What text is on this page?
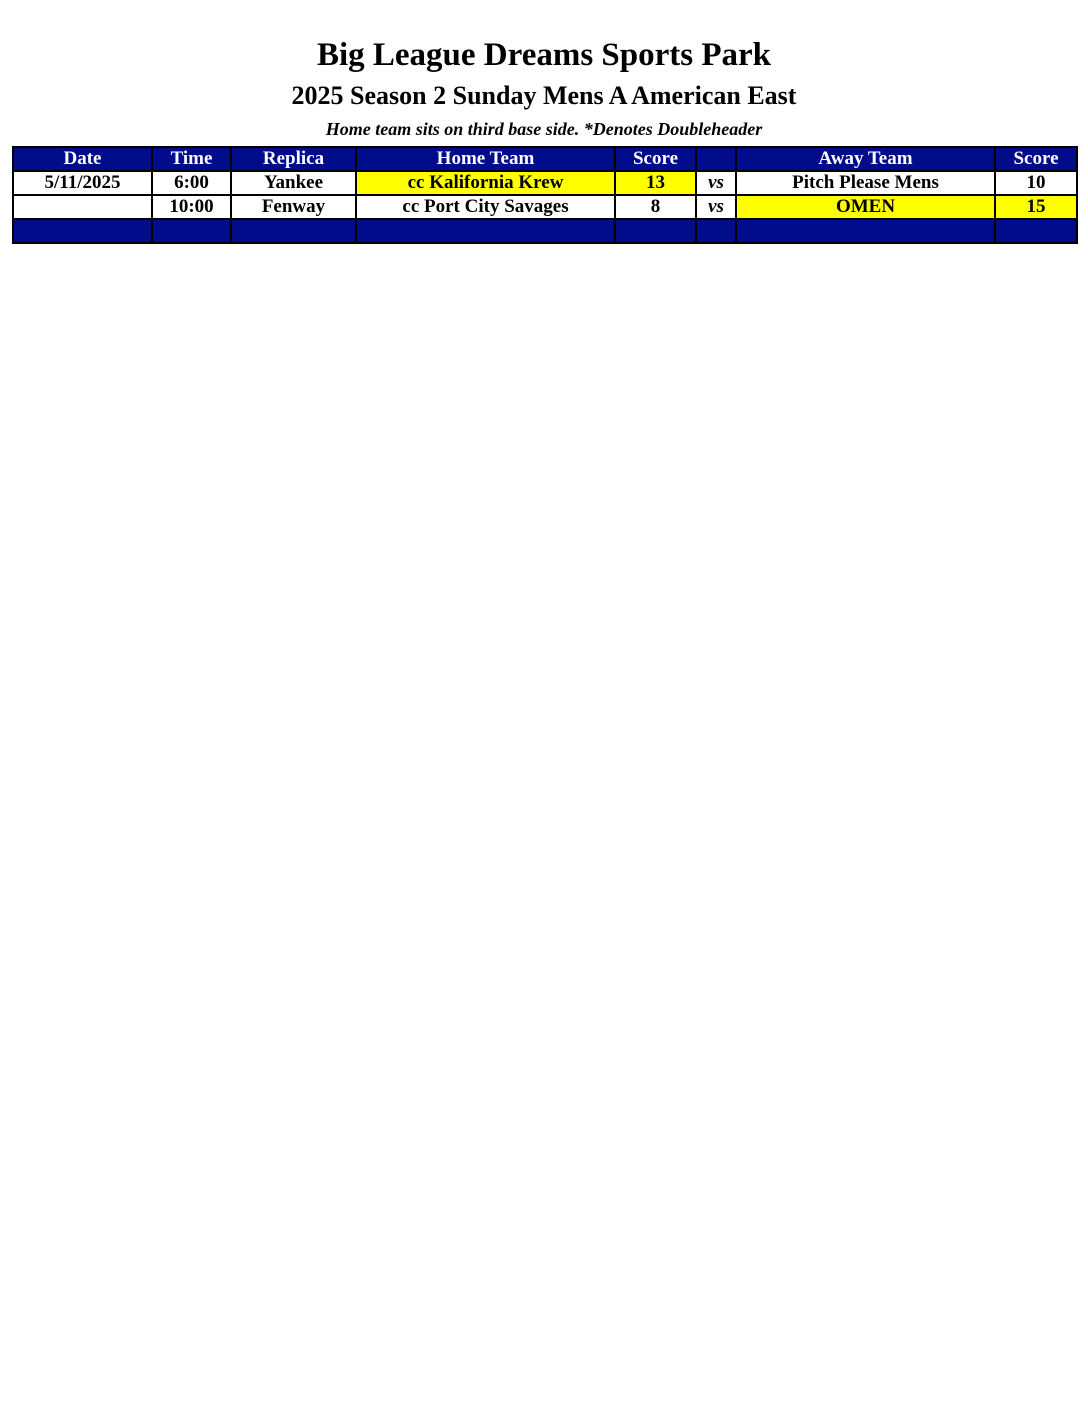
Big League Dreams Sports Park
2025 Season 2 Sunday Mens A American East
Home team sits on third base side. *Denotes Doubleheader
Date	Time	Replica	Home Team	Score		Away Team	Score
5/11/2025	6:00	Yankee	cc Kalifornia Krew	13	vs	Pitch Please Mens	10
	10:00	Fenway	cc Port City Savages	8	vs	OMEN	15
